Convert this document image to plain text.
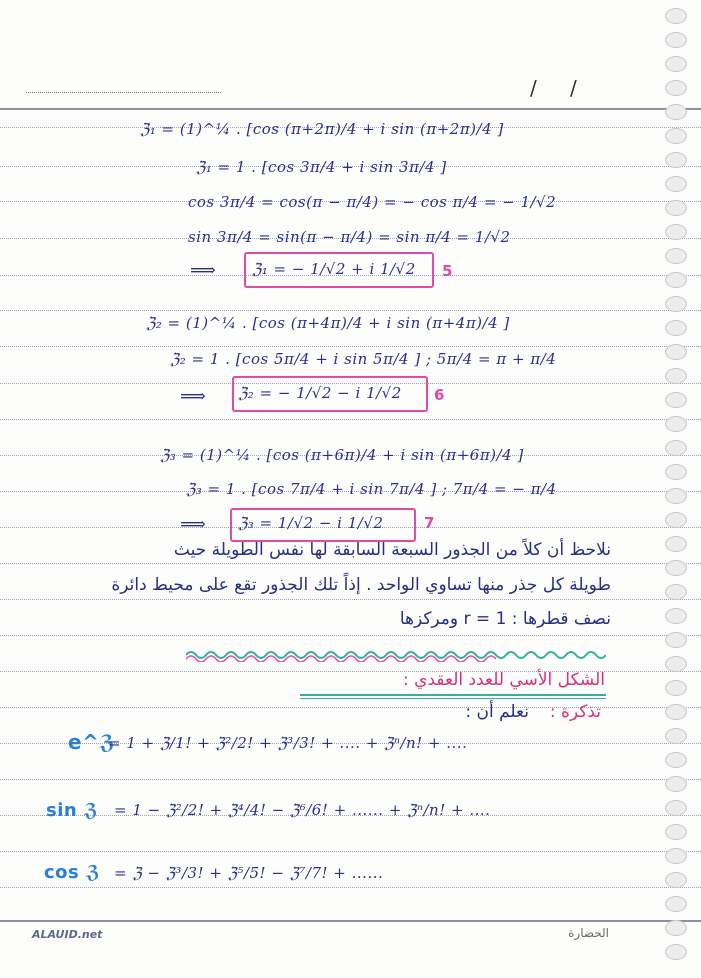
/ /
ℨ₁ = (1)^¼ . [cos (π+2π)/4 + i sin (π+2π)/4 ]
ℨ₁ = 1 . [cos 3π/4 + i sin 3π/4 ]
cos 3π/4 = cos(π − π/4) = − cos π/4 = − 1/√2
sin 3π/4 = sin(π − π/4) = sin π/4 = 1/√2
⟹ ℨ₁ = − 1/√2 + i 1/√2 5
ℨ₂ = (1)^¼ . [cos (π+4π)/4 + i sin (π+4π)/4 ]
ℨ₂ = 1 . [cos 5π/4 + i sin 5π/4 ] ; 5π/4 = π + π/4
⟹ ℨ₂ = − 1/√2 − i 1/√2 6
ℨ₃ = (1)^¼ . [cos (π+6π)/4 + i sin (π+6π)/4 ]
ℨ₃ = 1 . [cos 7π/4 + i sin 7π/4 ] ; 7π/4 = − π/4
⟹ ℨ₃ = 1/√2 − i 1/√2	7
نلاحظ أن كلاً من الجذور السبعة السابقة لها نفس الطويلة حيث
طويلة كل جذر منها تساوي الواحد . إذاً تلك الجذور تقع على محيط دائرة
نصف قطرها : r = 1 ومركزها
الشكل الأسي للعدد العقدي :
تذكرة :
نعلم أن :
e^ℨ
= 1 + ℨ/1! + ℨ²/2! + ℨ³/3! + .... + ℨⁿ/n! + ....
sin ℨ = 1 − ℨ²/2! + ℨ⁴/4! − ℨ⁶/6! + ...... + ℨⁿ/n! + ....
cos ℨ = ℨ − ℨ³/3! + ℨ⁵/5! − ℨ⁷/7! + ......
ALAUID.net	الحضارة
